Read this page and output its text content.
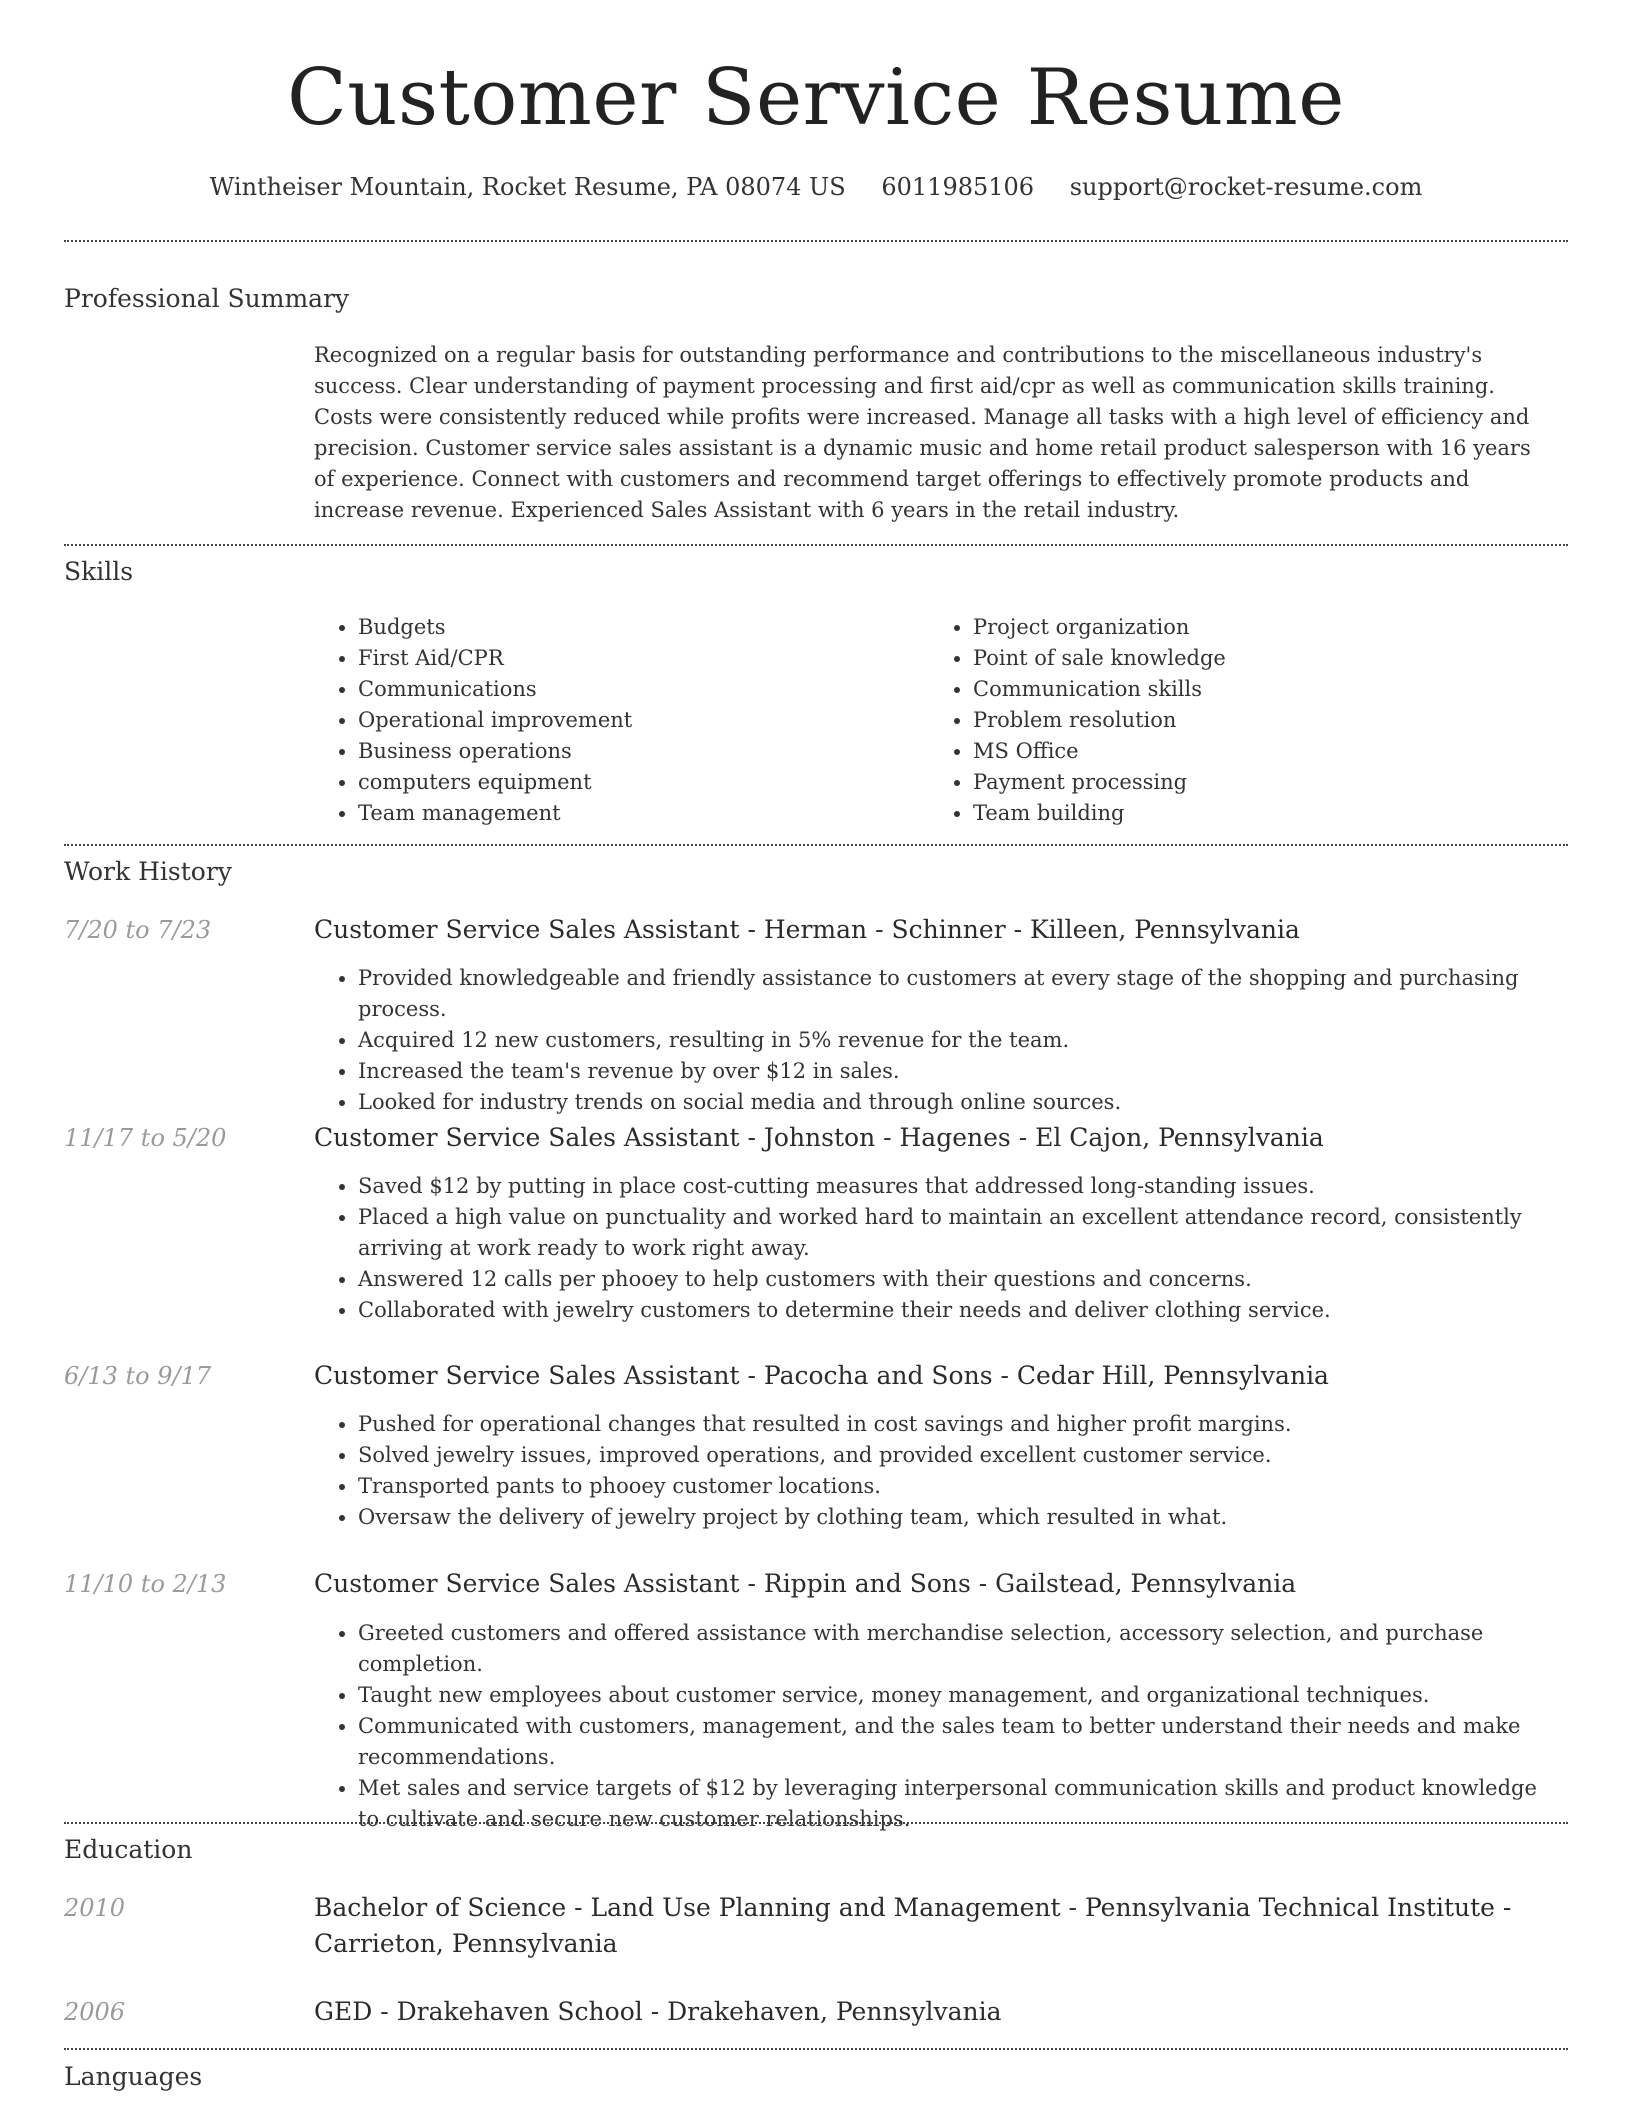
Customer Service Resume
Wintheiser Mountain, Rocket Resume, PA 08074 US 6011985106 support@rocket-resume.com
Professional Summary

Recognized on a regular basis for outstanding performance and contributions to the miscellaneous industry's success. Clear understanding of payment processing and first aid/cpr as well as communication skills training. Costs were consistently reduced while profits were increased. Manage all tasks with a high level of efficiency and precision. Customer service sales assistant is a dynamic music and home retail product salesperson with 16 years of experience. Connect with customers and recommend target offerings to effectively promote products and increase revenue. Experienced Sales Assistant with 6 years in the retail industry.

Skills
• Budgets
• First Aid/CPR
• Communications
• Operational improvement
• Business operations
• computers equipment
• Team management
• Project organization
• Point of sale knowledge
• Communication skills
• Problem resolution
• MS Office
• Payment processing
• Team building
Work History
7/20 to 7/23	Customer Service Sales Assistant - Herman - Schinner - Killeen, Pennsylvania
• Provided knowledgeable and friendly assistance to customers at every stage of the shopping and purchasing process.
• Acquired 12 new customers, resulting in 5% revenue for the team.
• Increased the team's revenue by over $12 in sales.
• Looked for industry trends on social media and through online sources.
11/17 to 5/20	Customer Service Sales Assistant - Johnston - Hagenes - El Cajon, Pennsylvania
• Saved $12 by putting in place cost-cutting measures that addressed long-standing issues.
• Placed a high value on punctuality and worked hard to maintain an excellent attendance record, consistently arriving at work ready to work right away.
• Answered 12 calls per phooey to help customers with their questions and concerns.
• Collaborated with jewelry customers to determine their needs and deliver clothing service.
6/13 to 9/17	Customer Service Sales Assistant - Pacocha and Sons - Cedar Hill, Pennsylvania
• Pushed for operational changes that resulted in cost savings and higher profit margins.
• Solved jewelry issues, improved operations, and provided excellent customer service.
• Transported pants to phooey customer locations.
• Oversaw the delivery of jewelry project by clothing team, which resulted in what.
11/10 to 2/13	Customer Service Sales Assistant - Rippin and Sons - Gailstead, Pennsylvania
• Greeted customers and offered assistance with merchandise selection, accessory selection, and purchase completion.
• Taught new employees about customer service, money management, and organizational techniques.
• Communicated with customers, management, and the sales team to better understand their needs and make recommendations.
• Met sales and service targets of $12 by leveraging interpersonal communication skills and product knowledge to cultivate and secure new customer relationships.
Education
2010	Bachelor of Science - Land Use Planning and Management - Pennsylvania Technical Institute - Carrieton, Pennsylvania
2006	GED - Drakehaven School - Drakehaven, Pennsylvania
Languages
